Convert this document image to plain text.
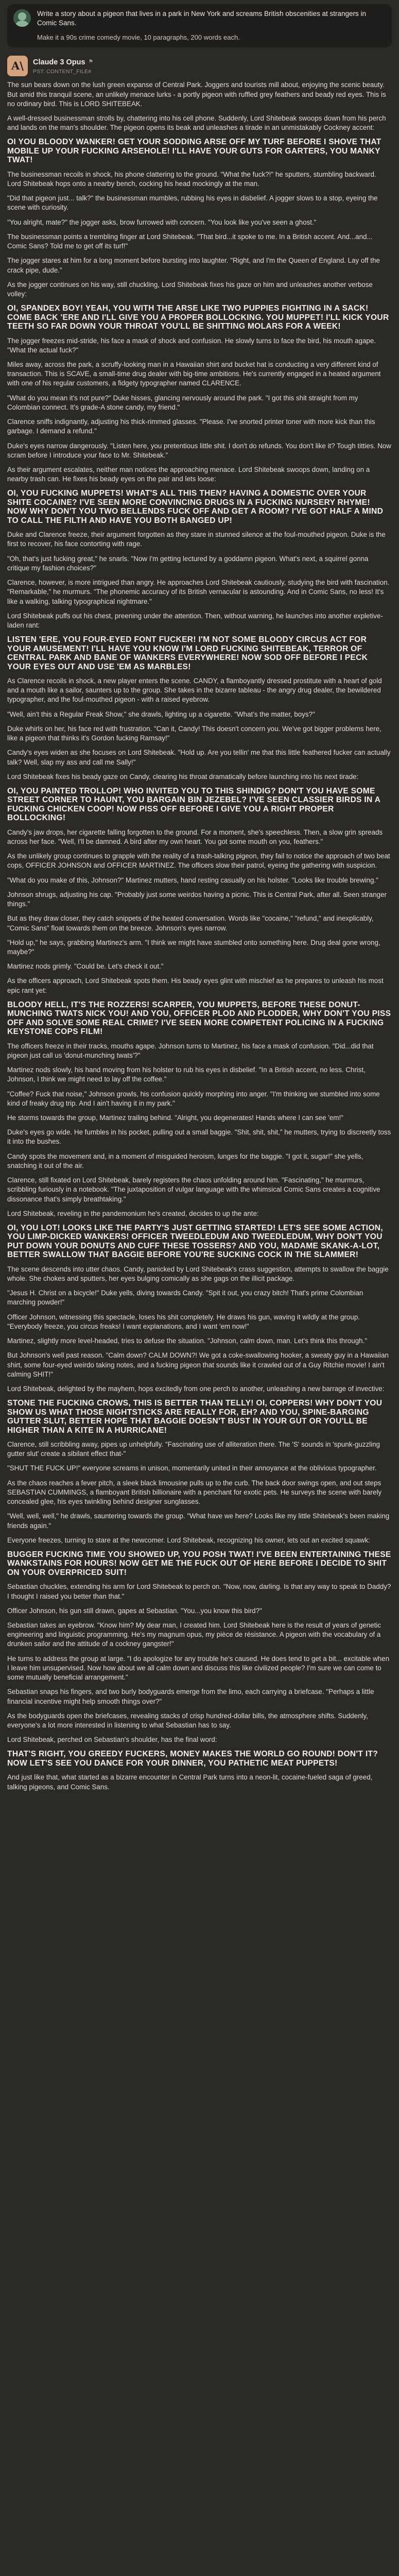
Write a story about a pigeon that lives in a park in New York and screams British obscenities at strangers in Comic Sans.
Make it a 90s crime comedy movie, 10 paragraphs, 200 words each.
A\	Claude 3 Opus ⚑
PST: CONTENT_FILE#

The sun bears down on the lush green expanse of Central Park. Joggers and tourists mill about, enjoying the scenic beauty. But amid this tranquil scene, an unlikely menace lurks - a portly pigeon with ruffled grey feathers and beady red eyes. This is no ordinary bird. This is LORD SHITEBEAK.

A well-dressed businessman strolls by, chattering into his cell phone. Suddenly, Lord Shitebeak swoops down from his perch and lands on the man's shoulder. The pigeon opens its beak and unleashes a tirade in an unmistakably Cockney accent:

OI YOU BLOODY WANKER! GET YOUR SODDING ARSE OFF MY TURF BEFORE I SHOVE THAT MOBILE UP YOUR FUCKING ARSEHOLE! I'LL HAVE YOUR GUTS FOR GARTERS, YOU MANKY TWAT!

The businessman recoils in shock, his phone clattering to the ground. "What the fuck?!" he sputters, stumbling backward. Lord Shitebeak hops onto a nearby bench, cocking his head mockingly at the man.

"Did that pigeon just... talk?" the businessman mumbles, rubbing his eyes in disbelief. A jogger slows to a stop, eyeing the scene with curiosity.

"You alright, mate?" the jogger asks, brow furrowed with concern. "You look like you've seen a ghost."

The businessman points a trembling finger at Lord Shitebeak. "That bird...it spoke to me. In a British accent. And...and... Comic Sans? Told me to get off its turf!"

The jogger stares at him for a long moment before bursting into laughter. "Right, and I'm the Queen of England. Lay off the crack pipe, dude."

As the jogger continues on his way, still chuckling, Lord Shitebeak fixes his gaze on him and unleashes another verbose volley:

OI, SPANDEX BOY! YEAH, YOU WITH THE ARSE LIKE TWO PUPPIES FIGHTING IN A SACK! COME BACK 'ERE AND I'LL GIVE YOU A PROPER BOLLOCKING. YOU MUPPET! I'LL KICK YOUR TEETH SO FAR DOWN YOUR THROAT YOU'LL BE SHITTING MOLARS FOR A WEEK!

The jogger freezes mid-stride, his face a mask of shock and confusion. He slowly turns to face the bird, his mouth agape. "What the actual fuck?"

Miles away, across the park, a scruffy-looking man in a Hawaiian shirt and bucket hat is conducting a very different kind of transaction. This is SCAVE, a small-time drug dealer with big-time ambitions. He's currently engaged in a heated argument with one of his regular customers, a fidgety typographer named CLARENCE.

"What do you mean it's not pure?" Duke hisses, glancing nervously around the park. "I got this shit straight from my Colombian connect. It's grade-A stone candy, my friend."

Clarence sniffs indignantly, adjusting his thick-rimmed glasses. "Please. I've snorted printer toner with more kick than this garbage. I demand a refund."

Duke's eyes narrow dangerously. "Listen here, you pretentious little shit. I don't do refunds. You don't like it? Tough titties. Now scram before I introduce your face to Mr. Shitebeak."

As their argument escalates, neither man notices the approaching menace. Lord Shitebeak swoops down, landing on a nearby trash can. He fixes his beady eyes on the pair and lets loose:

OI, YOU FUCKING MUPPETS! WHAT'S ALL THIS THEN? HAVING A DOMESTIC OVER YOUR SHITE COCAINE? I'VE SEEN MORE CONVINCING DRUGS IN A FUCKING NURSERY RHYME! NOW WHY DON'T YOU TWO BELLENDS FUCK OFF AND GET A ROOM? I'VE GOT HALF A MIND TO CALL THE FILTH AND HAVE YOU BOTH BANGED UP!

Duke and Clarence freeze, their argument forgotten as they stare in stunned silence at the foul-mouthed pigeon. Duke is the first to recover, his face contorting with rage.

"Oh, that's just fucking great," he snarls. "Now I'm getting lectured by a goddamn pigeon. What's next, a squirrel gonna critique my fashion choices?"

Clarence, however, is more intrigued than angry. He approaches Lord Shitebeak cautiously, studying the bird with fascination. "Remarkable," he murmurs. "The phonemic accuracy of its British vernacular is astounding. And in Comic Sans, no less! It's like a walking, talking typographical nightmare."

Lord Shitebeak puffs out his chest, preening under the attention. Then, without warning, he launches into another expletive-laden rant:

LISTEN 'ERE, YOU FOUR-EYED FONT FUCKER! I'M NOT SOME BLOODY CIRCUS ACT FOR YOUR AMUSEMENT! I'LL HAVE YOU KNOW I'M LORD FUCKING SHITEBEAK, TERROR OF CENTRAL PARK AND BANE OF WANKERS EVERYWHERE! NOW SOD OFF BEFORE I PECK YOUR EYES OUT AND USE 'EM AS MARBLES!

As Clarence recoils in shock, a new player enters the scene. CANDY, a flamboyantly dressed prostitute with a heart of gold and a mouth like a sailor, saunters up to the group. She takes in the bizarre tableau - the angry drug dealer, the bewildered typographer, and the foul-mouthed pigeon - with a raised eyebrow.

"Well, ain't this a Regular Freak Show," she drawls, lighting up a cigarette. "What's the matter, boys?"

Duke whirls on her, his face red with frustration. "Can it, Candy! This doesn't concern you. We've got bigger problems here, like a pigeon that thinks it's Gordon fucking Ramsay!"

Candy's eyes widen as she focuses on Lord Shitebeak. "Hold up. Are you tellin' me that this little feathered fucker can actually talk? Well, slap my ass and call me Sally!"

Lord Shitebeak fixes his beady gaze on Candy, clearing his throat dramatically before launching into his next tirade:

OI, YOU PAINTED TROLLOP! WHO INVITED YOU TO THIS SHINDIG? DON'T YOU HAVE SOME STREET CORNER TO HAUNT, YOU BARGAIN BIN JEZEBEL? I'VE SEEN CLASSIER BIRDS IN A FUCKING CHICKEN COOP! NOW PISS OFF BEFORE I GIVE YOU A RIGHT PROPER BOLLOCKING!

Candy's jaw drops, her cigarette falling forgotten to the ground. For a moment, she's speechless. Then, a slow grin spreads across her face. "Well, I'll be damned. A bird after my own heart. You got some mouth on you, feathers."

As the unlikely group continues to grapple with the reality of a trash-talking pigeon, they fail to notice the approach of two beat cops, OFFICER JOHNSON and OFFICER MARTINEZ. The officers slow their patrol, eyeing the gathering with suspicion.

"What do you make of this, Johnson?" Martinez mutters, hand resting casually on his holster. "Looks like trouble brewing."

Johnson shrugs, adjusting his cap. "Probably just some weirdos having a picnic. This is Central Park, after all. Seen stranger things."

But as they draw closer, they catch snippets of the heated conversation. Words like "cocaine," "refund," and inexplicably, "Comic Sans" float towards them on the breeze. Johnson's eyes narrow.

"Hold up," he says, grabbing Martinez's arm. "I think we might have stumbled onto something here. Drug deal gone wrong, maybe?"

Martinez nods grimly. "Could be. Let's check it out."

As the officers approach, Lord Shitebeak spots them. His beady eyes glint with mischief as he prepares to unleash his most epic rant yet:

BLOODY HELL, IT'S THE ROZZERS! SCARPER, YOU MUPPETS, BEFORE THESE DONUT-MUNCHING TWATS NICK YOU! AND YOU, OFFICER PLOD AND PLODDER, WHY DON'T YOU PISS OFF AND SOLVE SOME REAL CRIME? I'VE SEEN MORE COMPETENT POLICING IN A FUCKING KEYSTONE COPS FILM!

The officers freeze in their tracks, mouths agape. Johnson turns to Martinez, his face a mask of confusion. "Did...did that pigeon just call us 'donut-munching twats'?"

Martinez nods slowly, his hand moving from his holster to rub his eyes in disbelief. "In a British accent, no less. Christ, Johnson, I think we might need to lay off the coffee."

"Coffee? Fuck that noise," Johnson growls, his confusion quickly morphing into anger. "I'm thinking we stumbled into some kind of freaky drug trip. And I ain't having it in my park."

He storms towards the group, Martinez trailing behind. "Alright, you degenerates! Hands where I can see 'em!"

Duke's eyes go wide. He fumbles in his pocket, pulling out a small baggie. "Shit, shit, shit," he mutters, trying to discreetly toss it into the bushes.

Candy spots the movement and, in a moment of misguided heroism, lunges for the baggie. "I got it, sugar!" she yells, snatching it out of the air.

Clarence, still fixated on Lord Shitebeak, barely registers the chaos unfolding around him. "Fascinating," he murmurs, scribbling furiously in a notebook. "The juxtaposition of vulgar language with the whimsical Comic Sans creates a cognitive dissonance that's simply breathtaking."

Lord Shitebeak, reveling in the pandemonium he's created, decides to up the ante:

OI, YOU LOT! LOOKS LIKE THE PARTY'S JUST GETTING STARTED! LET'S SEE SOME ACTION, YOU LIMP-DICKED WANKERS! OFFICER TWEEDLEDUM AND TWEEDLEDUM, WHY DON'T YOU PUT DOWN YOUR DONUTS AND CUFF THESE TOSSERS? AND YOU, MADAME SKANK-A-LOT, BETTER SWALLOW THAT BAGGIE BEFORE YOU'RE SUCKING COCK IN THE SLAMMER!

The scene descends into utter chaos. Candy, panicked by Lord Shitebeak's crass suggestion, attempts to swallow the baggie whole. She chokes and sputters, her eyes bulging comically as she gags on the illicit package.

"Jesus H. Christ on a bicycle!" Duke yells, diving towards Candy. "Spit it out, you crazy bitch! That's prime Colombian marching powder!"

Officer Johnson, witnessing this spectacle, loses his shit completely. He draws his gun, waving it wildly at the group. "Everybody freeze, you circus freaks! I want explanations, and I want 'em now!"

Martinez, slightly more level-headed, tries to defuse the situation. "Johnson, calm down, man. Let's think this through."

But Johnson's well past reason. "Calm down? CALM DOWN?! We got a coke-swallowing hooker, a sweaty guy in a Hawaiian shirt, some four-eyed weirdo taking notes, and a fucking pigeon that sounds like it crawled out of a Guy Ritchie movie! I ain't calming SHIT!"

Lord Shitebeak, delighted by the mayhem, hops excitedly from one perch to another, unleashing a new barrage of invective:

STONE THE FUCKING CROWS, THIS IS BETTER THAN TELLY! OI, COPPERS! WHY DON'T YOU SHOW US WHAT THOSE NIGHTSTICKS ARE REALLY FOR, EH? AND YOU, SPINE-BARGING GUTTER SLUT, BETTER HOPE THAT BAGGIE DOESN'T BUST IN YOUR GUT OR YOU'LL BE HIGHER THAN A KITE IN A HURRICANE!

Clarence, still scribbling away, pipes up unhelpfully. "Fascinating use of alliteration there. The 'S' sounds in 'spunk-guzzling gutter slut' create a sibilant effect that-"

"SHUT THE FUCK UP!" everyone screams in unison, momentarily united in their annoyance at the oblivious typographer.

As the chaos reaches a fever pitch, a sleek black limousine pulls up to the curb. The back door swings open, and out steps SEBASTIAN CUMMINGS, a flamboyant British billionaire with a penchant for exotic pets. He surveys the scene with barely concealed glee, his eyes twinkling behind designer sunglasses.

"Well, well, well," he drawls, sauntering towards the group. "What have we here? Looks like my little Shitebeak's been making friends again."

Everyone freezes, turning to stare at the newcomer. Lord Shitebeak, recognizing his owner, lets out an excited squawk:

BUGGER FUCKING TIME YOU SHOWED UP, YOU POSH TWAT! I'VE BEEN ENTERTAINING THESE WANKSTAINS FOR HOURS! NOW GET ME THE FUCK OUT OF HERE BEFORE I DECIDE TO SHIT ON YOUR OVERPRICED SUIT!

Sebastian chuckles, extending his arm for Lord Shitebeak to perch on. "Now, now, darling. Is that any way to speak to Daddy? I thought I raised you better than that."

Officer Johnson, his gun still drawn, gapes at Sebastian. "You...you know this bird?"

Sebastian takes an eyebrow. "Know him? My dear man, I created him. Lord Shitebeak here is the result of years of genetic engineering and linguistic programming. He's my magnum opus, my pièce de résistance. A pigeon with the vocabulary of a drunken sailor and the attitude of a cockney gangster!"

He turns to address the group at large. "I do apologize for any trouble he's caused. He does tend to get a bit... excitable when I leave him unsupervised. Now how about we all calm down and discuss this like civilized people? I'm sure we can come to some mutually beneficial arrangement."

Sebastian snaps his fingers, and two burly bodyguards emerge from the limo, each carrying a briefcase. "Perhaps a little financial incentive might help smooth things over?"

As the bodyguards open the briefcases, revealing stacks of crisp hundred-dollar bills, the atmosphere shifts. Suddenly, everyone's a lot more interested in listening to what Sebastian has to say.

Lord Shitebeak, perched on Sebastian's shoulder, has the final word:

THAT'S RIGHT, YOU GREEDY FUCKERS, MONEY MAKES THE WORLD GO ROUND! DON'T IT? NOW LET'S SEE YOU DANCE FOR YOUR DINNER, YOU PATHETIC MEAT PUPPETS!

And just like that, what started as a bizarre encounter in Central Park turns into a neon-lit, cocaine-fueled saga of greed, talking pigeons, and Comic Sans.
